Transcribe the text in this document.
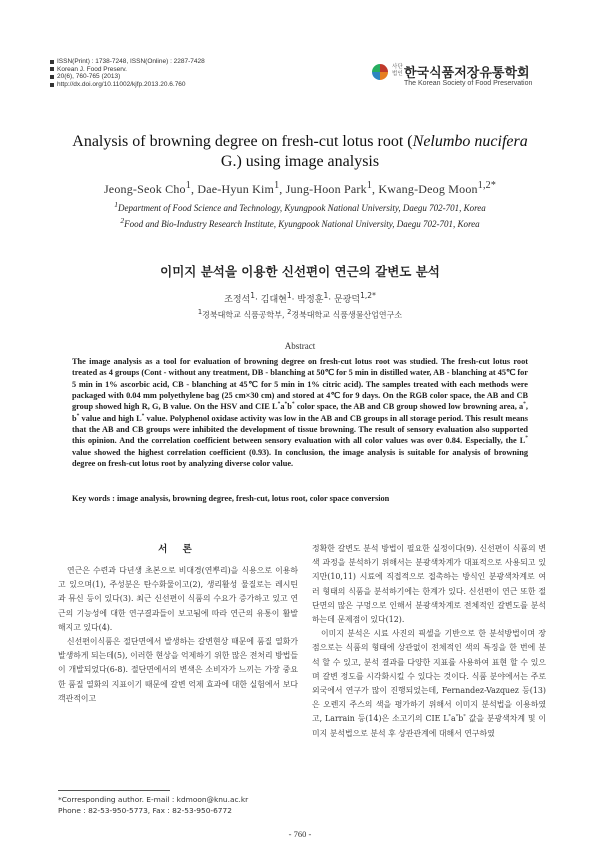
ISSN(Print) : 1738-7248, ISSN(Online) : 2287-7428
Korean J. Food Preserv.
20(6), 760-765 (2013)
http://dx.doi.org/10.11002/kjfp.2013.20.6.760
사단법인 한국식품저장유통학회
The Korean Society of Food Preservation
Analysis of browning degree on fresh-cut lotus root (Nelumbo nucifera
G.) using image analysis
Jeong-Seok Cho$^1$, Dae-Hyun Kim$^1$, Jung-Hoon Park$^1$, Kwang-Deog Moon$^{1,2*}$
$^1$Department of Food Science and Technology, Kyungpook National University, Daegu 702-701, Korea
$^2$Food and Bio-Industry Research Institute, Kyungpook National University, Daegu 702-701, Korea
이미지 분석을 이용한 신선편이 연근의 갈변도 분석
조정석$^1$· 김대현$^1$· 박정훈$^1$· 문광덕$^{1,2*}$
$^1$경북대학교 식품공학부, $^2$경북대학교 식품생물산업연구소
Abstract
The image analysis as a tool for evaluation of browning degree on fresh-cut lotus root was studied. The fresh-cut lotus root treated as 4 groups (Cont - without any treatment, DB - blanching at 50℃ for 5 min in distilled water, AB - blanching at 45℃ for 5 min in 1% ascorbic acid, CB - blanching at 45℃ for 5 min in 1% citric acid). The samples treated with each methods were packaged with 0.04 mm polyethylene bag (25 cm×30 cm) and stored at 4℃ for 9 days. On the RGB color space, the AB and CB group showed high R, G, B value. On the HSV and CIE L*a*b* color space, the AB and CB group showed low browning area, a*, b* value and high L* value. Polyphenol oxidase activity was low in the AB and CB groups in all storage period. This result means that the AB and CB groups were inhibited the development of tissue browning. The result of sensory evaluation also supported this opinion. And the correlation coefficient between sensory evaluation with all color values was over 0.84. Especially, the L* value showed the highest correlation coefficient (0.93). In conclusion, the image analysis is suitable for analysis of browning degree on fresh-cut lotus root by analyzing diverse color value.
Key words : image analysis, browning degree, fresh-cut, lotus root, color space conversion
서 론

연근은 수련과 다년생 초본으로 비대경(연뿌리)을 식용으로 이용하고 있으며(1), 주성분은 탄수화물이고(2), 생리활성 물질로는 레시틴과 뮤신 등이 있다(3). 최근 신선편이 식품의 수요가 증가하고 있고 연근의 기능성에 대한 연구결과들이 보고됨에 따라 연근의 유통이 활발해지고 있다(4).

신선편이식품은 절단면에서 발생하는 갈변현상 때문에 품질 열화가 발생하게 되는데(5), 이러한 현상을 억제하기 위한 많은 전처리 방법들이 개발되었다(6-8). 절단면에서의 변색은 소비자가 느끼는 가장 중요한 품질 열화의 지표이기 때문에 갈변 억제 효과에 대한 실험에서 보다 객관적이고

정확한 갈변도 분석 방법이 필요한 실정이다(9). 신선편이 식품의 변색 과정을 분석하기 위해서는 분광색차계가 대표적으로 사용되고 있지만(10,11) 시료에 직접적으로 접촉하는 방식인 분광색차계로 여러 형태의 식품을 분석하기에는 한계가 있다. 신선편이 연근 또한 절단면의 많은 구멍으로 인해서 분광색차계로 전체적인 갈변도를 분석하는데 문제점이 있다(12).

이미지 분석은 시료 사진의 픽셀을 기반으로 한 분석방법이며 장점으로는 식품의 형태에 상관없이 전체적인 색의 특징을 한 번에 분석 할 수 있고, 분석 결과를 다양한 지표를 사용하여 표현 할 수 있으며 갈변 정도를 시각화시킬 수 있다는 것이다. 식품 분야에서는 주로 외국에서 연구가 많이 진행되었는데, Fernandez-Vazquez 등(13)은 오렌지 주스의 색을 평가하기 위해서 이미지 분석법을 이용하였고, Larrain 등(14)은 소고기의 CIE L*a*b* 값을 분광색차계 및 이미지 분석법으로 분석 후 상관관계에 대해서 연구하였

*Corresponding author. E-mail : kdmoon@knu.ac.kr
Phone : 82-53-950-5773, Fax : 82-53-950-6772
- 760 -
